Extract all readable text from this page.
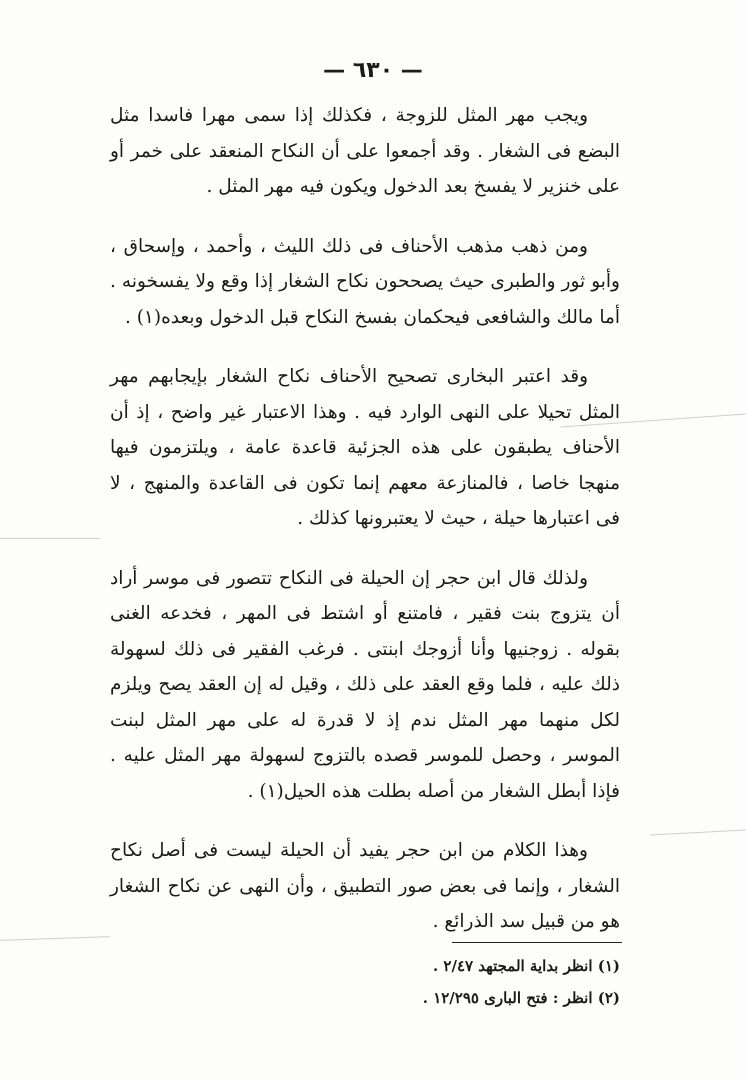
— ٦٣٠ —

ويجب مهر المثل للزوجة ، فكذلك إذا سمى مهرا فاسدا مثل البضع فى الشغار . وقد أجمعوا على أن النكاح المنعقد على خمر أو على خنزير لا يفسخ بعد الدخول ويكون فيه مهر المثل .

ومن ذهب مذهب الأحناف فى ذلك الليث ، وأحمد ، وإسحاق ، وأبو ثور والطبرى حيث يصححون نكاح الشغار إذا وقع ولا يفسخونه . أما مالك والشافعى فيحكمان بفسخ النكاح قبل الدخول وبعده(١) .

وقد اعتبر البخارى تصحيح الأحناف نكاح الشغار بإيجابهم مهر المثل تحيلا على النهى الوارد فيه . وهذا الاعتبار غير واضح ، إذ أن الأحناف يطبقون على هذه الجزئية قاعدة عامة ، ويلتزمون فيها منهجا خاصا ، فالمنازعة معهم إنما تكون فى القاعدة والمنهج ، لا فى اعتبارها حيلة ، حيث لا يعتبرونها كذلك .

ولذلك قال ابن حجر إن الحيلة فى النكاح تتصور فى موسر أراد أن يتزوج بنت فقير ، فامتنع أو اشتط فى المهر ، فخدعه الغنى بقوله . زوجنيها وأنا أزوجك ابنتى . فرغب الفقير فى ذلك لسهولة ذلك عليه ، فلما وقع العقد على ذلك ، وقيل له إن العقد يصح ويلزم لكل منهما مهر المثل ندم إذ لا قدرة له على مهر المثل لبنت الموسر ، وحصل للموسر قصده بالتزوج لسهولة مهر المثل عليه . فإذا أبطل الشغار من أصله بطلت هذه الحيل(١) .

وهذا الكلام من ابن حجر يفيد أن الحيلة ليست فى أصل نكاح الشغار ، وإنما فى بعض صور التطبيق ، وأن النهى عن نكاح الشغار هو من قبيل سد الذرائع .

(١) انظر بداية المجتهد ٢/٤٧ .
(٢) انظر : فتح البارى ١٢/٢٩٥ .
